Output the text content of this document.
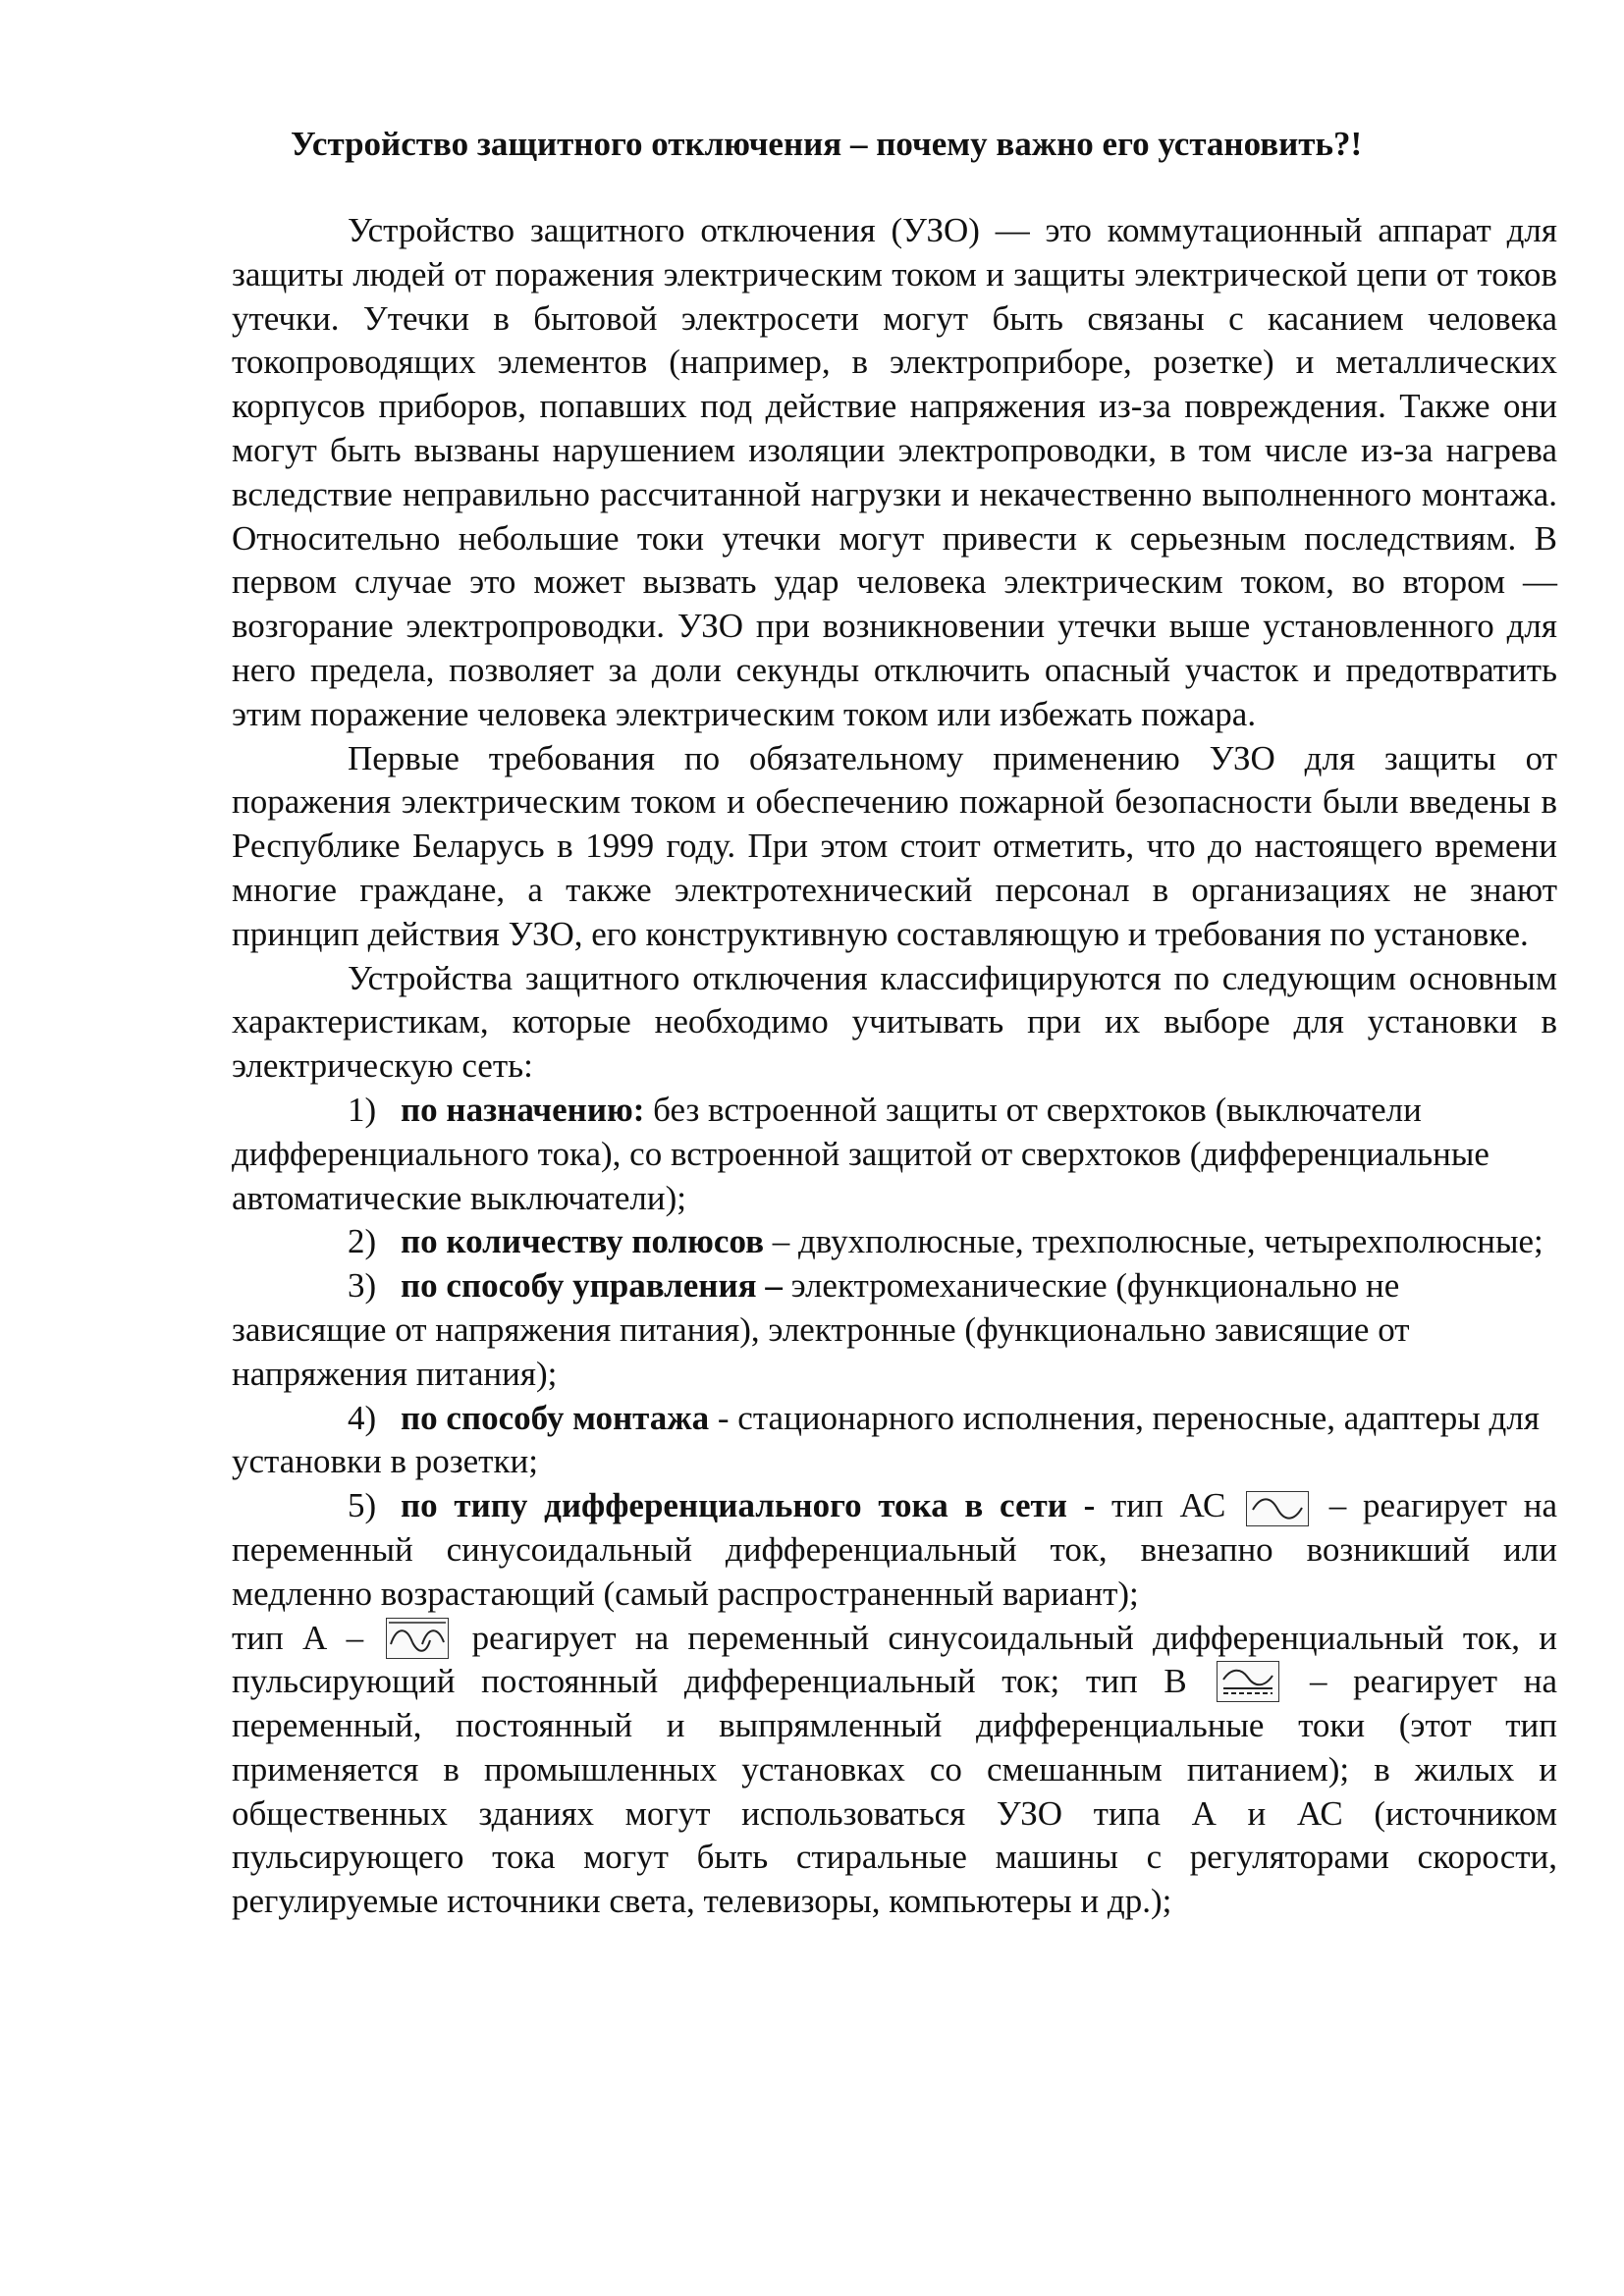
Устройство защитного отключения – почему важно его установить?!

Устройство защитного отключения (УЗО) — это коммутационный аппарат для защиты людей от поражения электрическим током и защиты электрической цепи от токов утечки. Утечки в бытовой электросети могут быть связаны с касанием человека токопроводящих элементов (например, в электроприборе, розетке) и металлических корпусов приборов, попавших под действие напряжения из-за повреждения. Также они могут быть вызваны нарушением изоляции электропроводки, в том числе из-за нагрева вследствие неправильно рассчитанной нагрузки и некачественно выполненного монтажа. Относительно небольшие токи утечки могут привести к серьезным последствиям. В первом случае это может вызвать удар человека электрическим током, во втором — возгорание электропроводки. УЗО при возникновении утечки выше установленного для него предела, позволяет за доли секунды отключить опасный участок и предотвратить этим поражение человека электрическим током или избежать пожара.

Первые требования по обязательному применению УЗО для защиты от поражения электрическим током и обеспечению пожарной безопасности были введены в Республике Беларусь в 1999 году. При этом стоит отметить, что до настоящего времени многие граждане, а также электротехнический персонал в организациях не знают принцип действия УЗО, его конструктивную составляющую и требования по установке.

Устройства защитного отключения классифицируются по следующим основным характеристикам, которые необходимо учитывать при их выборе для установки в электрическую сеть:

1) по назначению: без встроенной защиты от сверхтоков (выключатели дифференциального тока), со встроенной защитой от сверхтоков (дифференциальные автоматические выключатели);

2) по количеству полюсов – двухполюсные, трехполюсные, четырехполюсные;

3) по способу управления – электромеханические (функционально не зависящие от напряжения питания), электронные (функционально зависящие от напряжения питания);

4) по способу монтажа - стационарного исполнения, переносные, адаптеры для установки в розетки;

5) по типу дифференциального тока в сети - тип АС
– реагирует на переменный синусоидальный дифференциальный ток, внезапно возникший или медленно возрастающий (самый распространенный вариант);
тип А –
реагирует на переменный синусоидальный дифференциальный ток, и пульсирующий постоянный дифференциальный ток; тип В
– реагирует на переменный, постоянный и выпрямленный дифференциальные токи (этот тип применяется в промышленных установках со смешанным питанием); в жилых и общественных зданиях могут использоваться УЗО типа А и АС (источником пульсирующего тока могут быть стиральные машины с регуляторами скорости, регулируемые источники света, телевизоры, компьютеры и др.);
